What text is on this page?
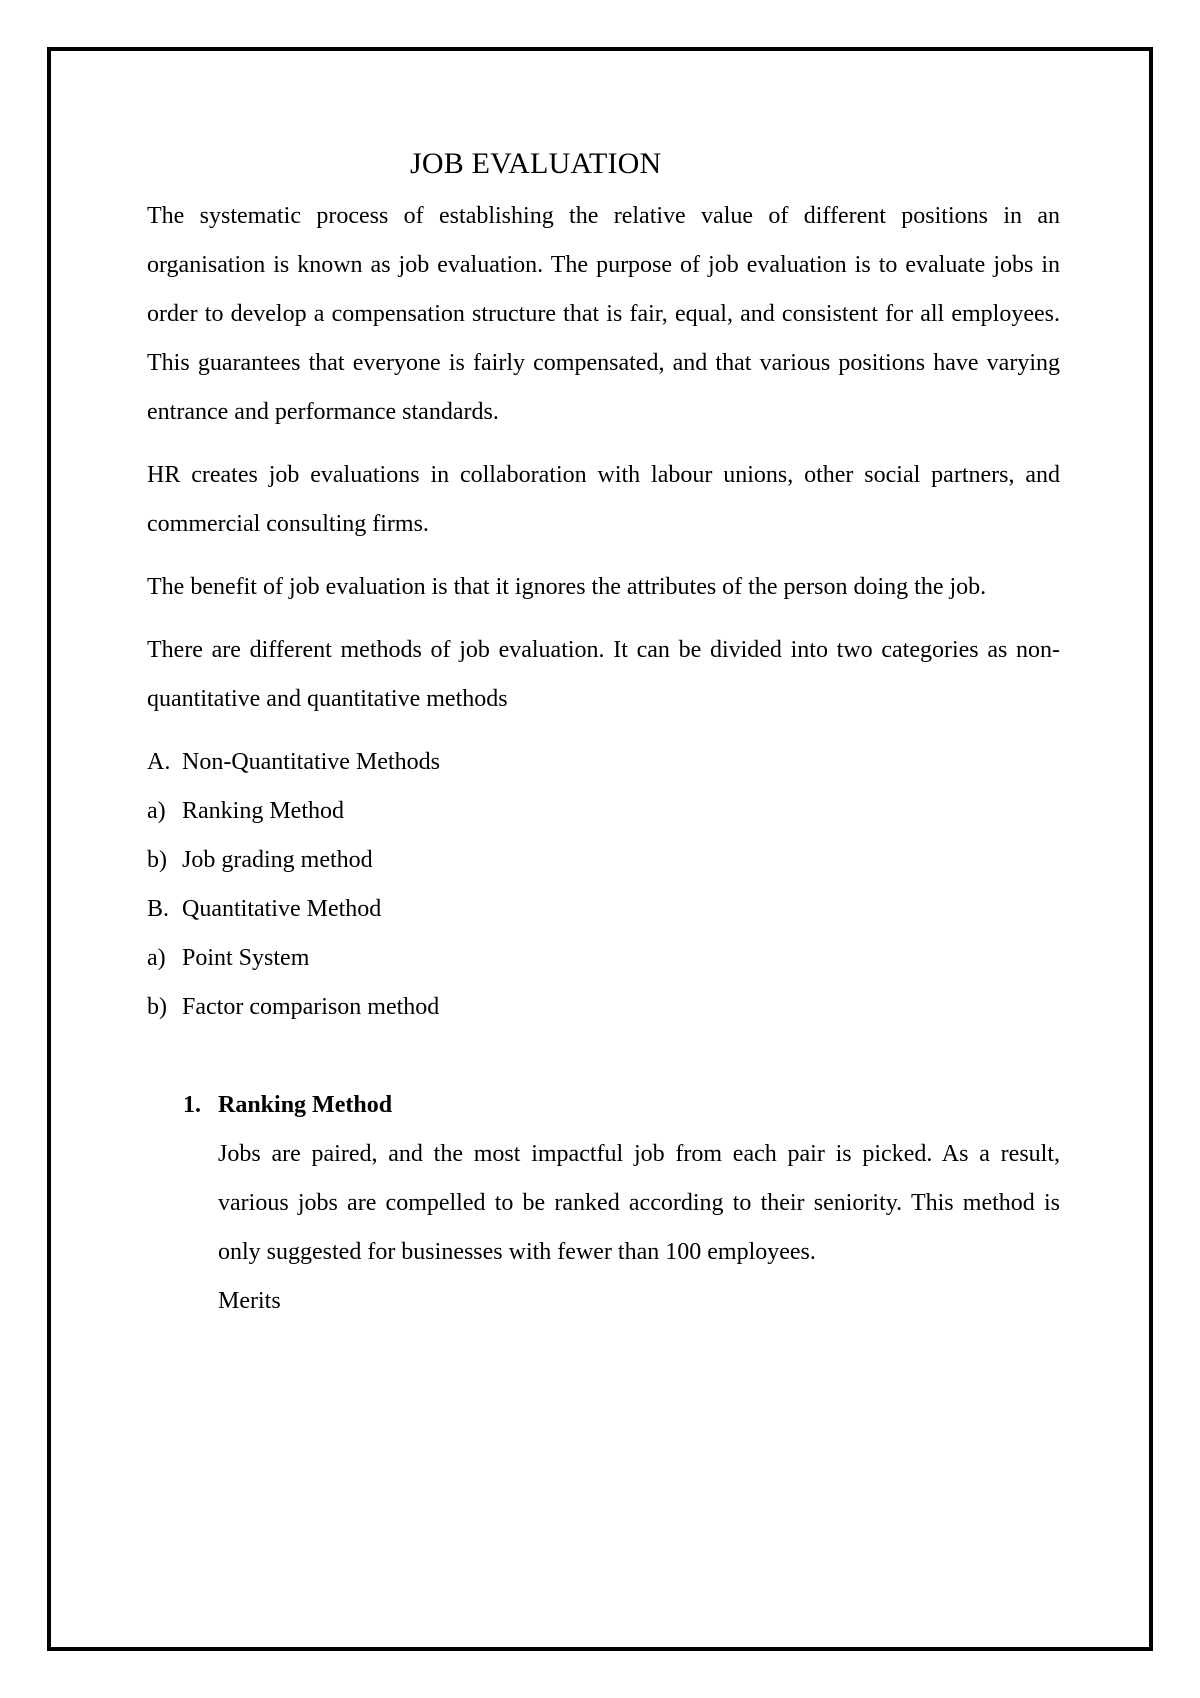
JOB EVALUATION

The systematic process of establishing the relative value of different positions in an organisation is known as job evaluation. The purpose of job evaluation is to evaluate jobs in order to develop a compensation structure that is fair, equal, and consistent for all employees. This guarantees that everyone is fairly compensated, and that various positions have varying entrance and performance standards.

HR creates job evaluations in collaboration with labour unions, other social partners, and commercial consulting firms.

The benefit of job evaluation is that it ignores the attributes of the person doing the job.

There are different methods of job evaluation. It can be divided into two categories as non-quantitative and quantitative methods

A. Non-Quantitative Methods
a) Ranking Method
b) Job grading method
B. Quantitative Method
a) Point System
b) Factor comparison method

1. Ranking Method

Jobs are paired, and the most impactful job from each pair is picked. As a result, various jobs are compelled to be ranked according to their seniority. This method is only suggested for businesses with fewer than 100 employees.

Merits
